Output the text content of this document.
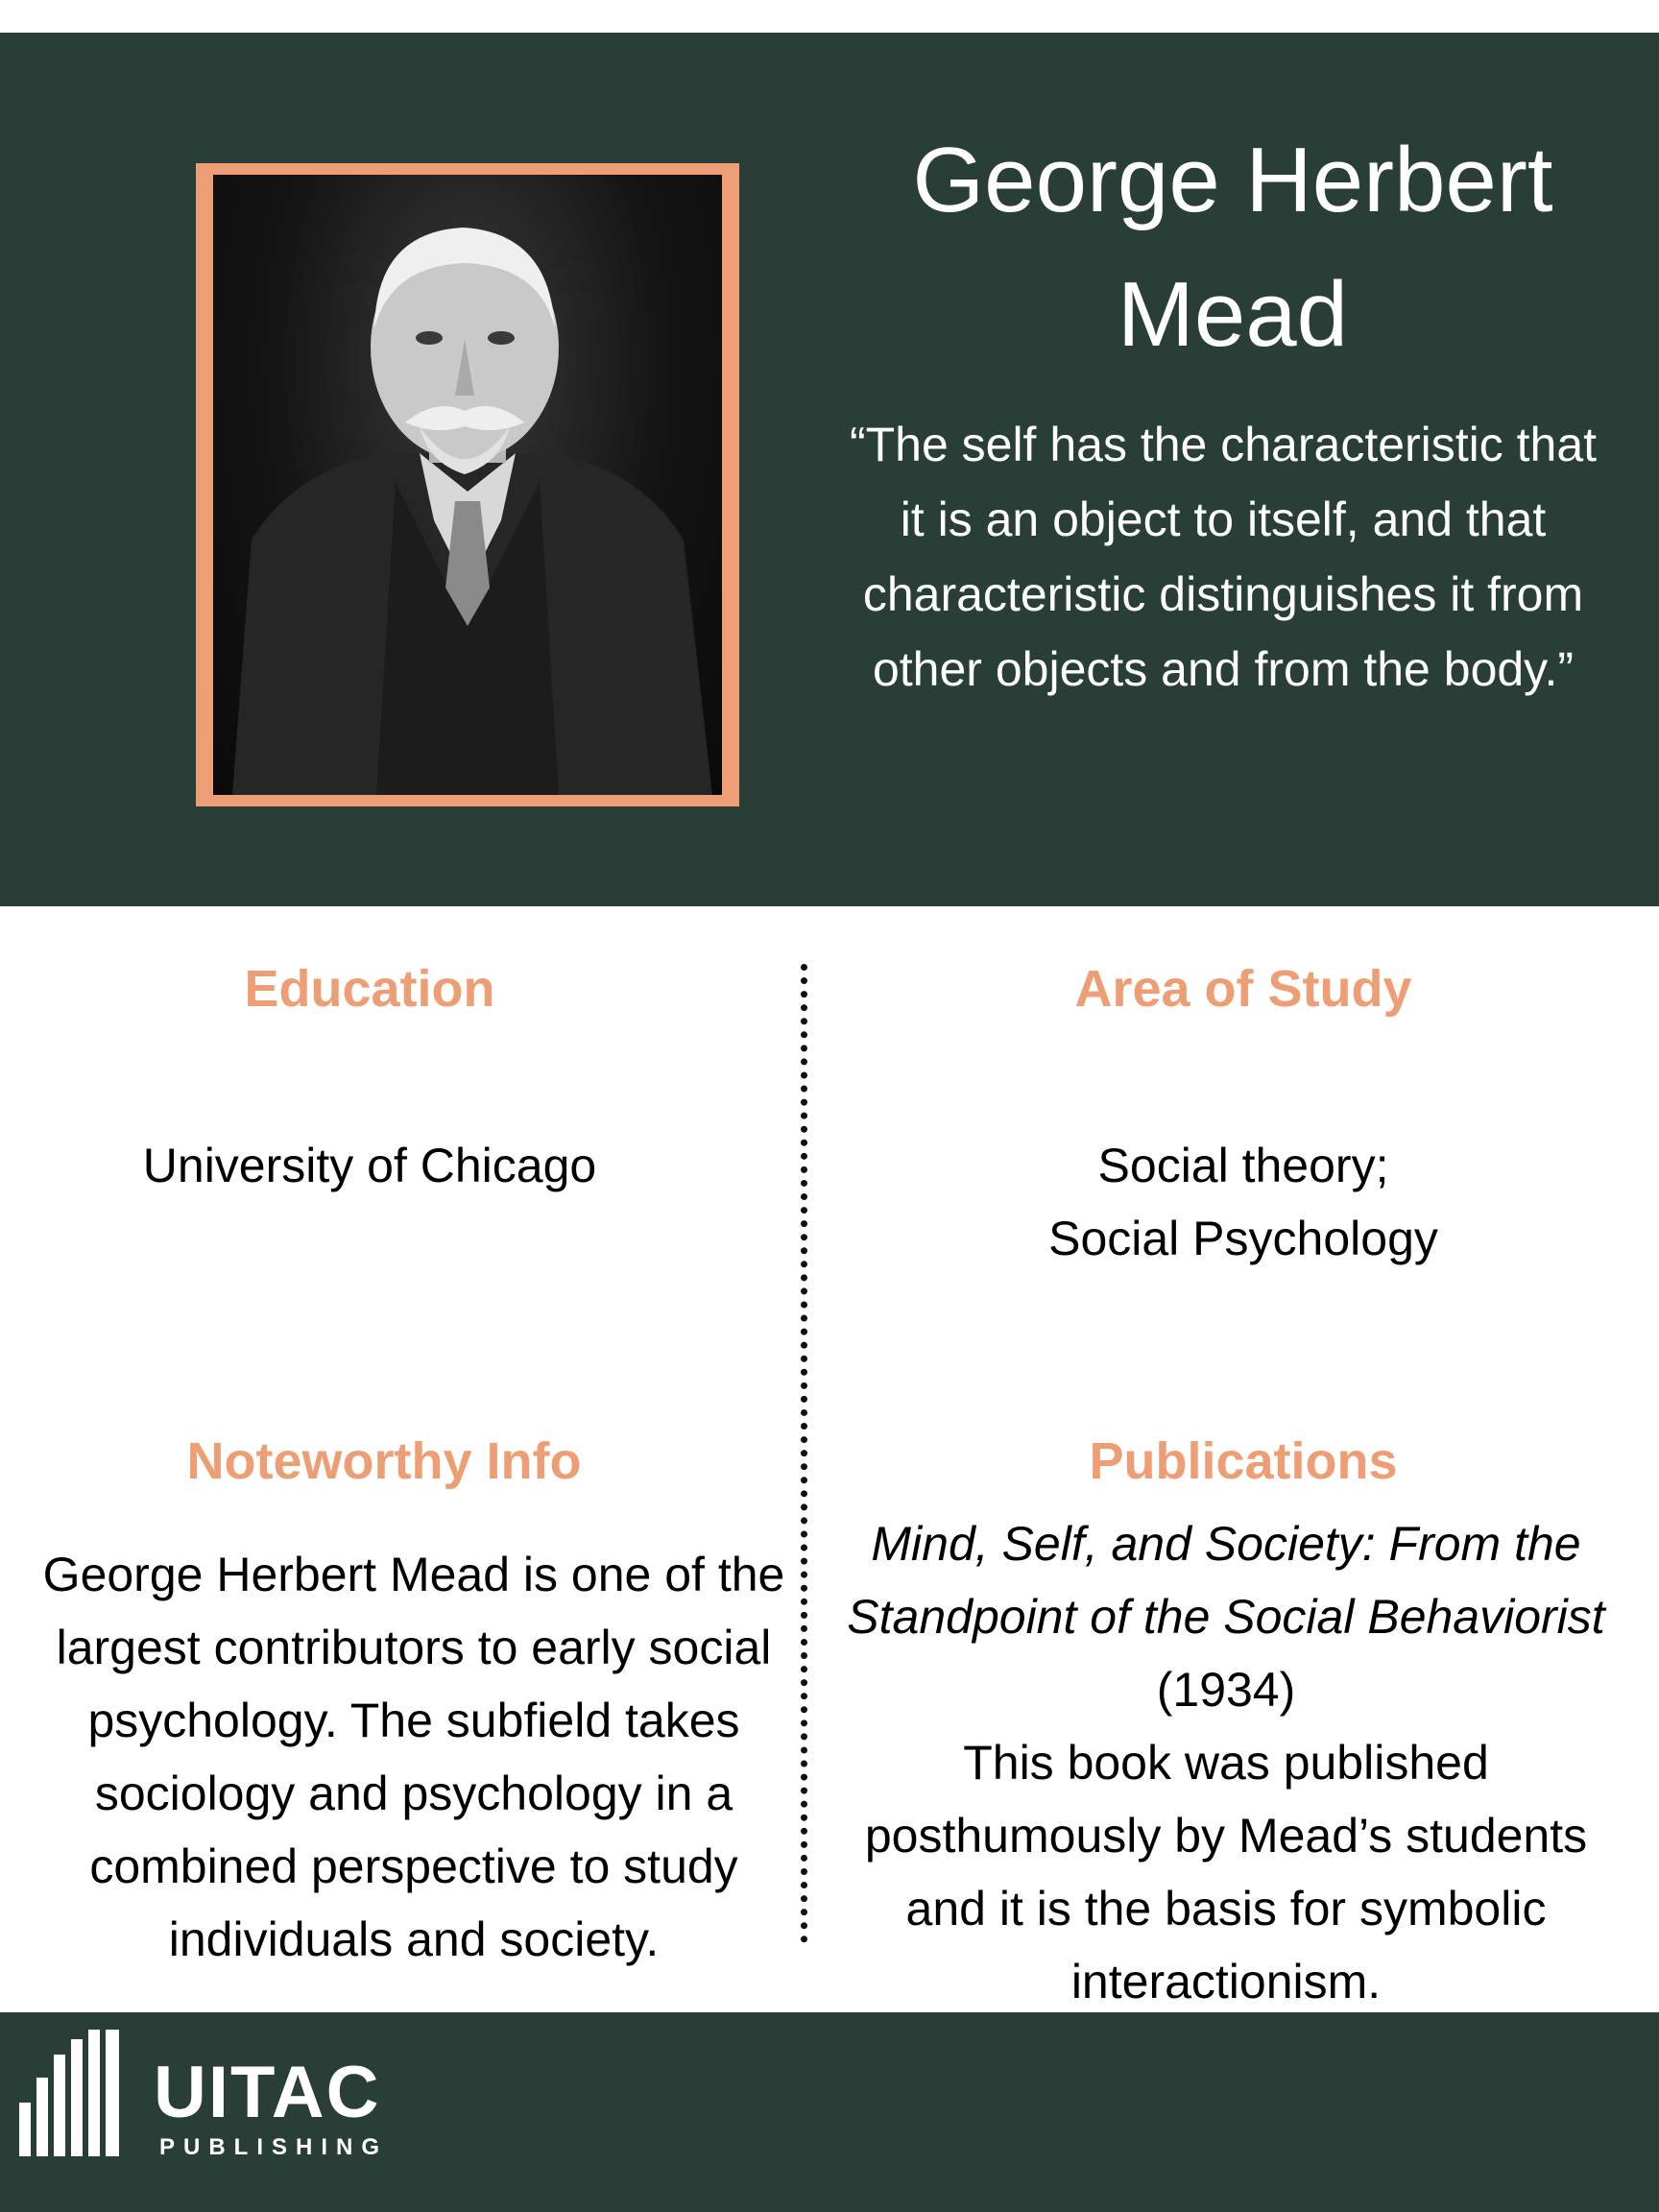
George Herbert
Mead
“The self has the characteristic that it is an object to itself, and that characteristic distinguishes it from other objects and from the body.”
Education
University of Chicago
Area of Study
Social theory;
Social Psychology
Noteworthy Info
George Herbert Mead is one of the largest contributors to early social psychology. The subfield takes sociology and psychology in a combined perspective to study individuals and society.
Publications
Mind, Self, and Society: From the Standpoint of the Social Behaviorist
(1934)
This book was published posthumously by Mead’s students and it is the basis for symbolic interactionism.
UITAC
PUBLISHING
